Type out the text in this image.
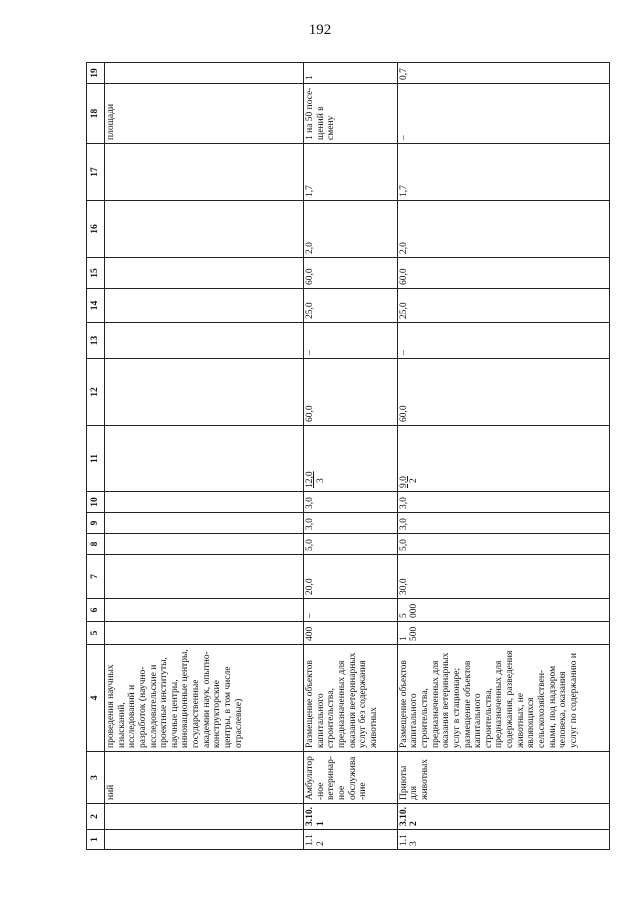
192
1	2	3	4	5	6	7	8	9	10	11	12	13	14	15	16	17	18	19
		ний	проведения научных изысканий, исследований и разработок (научно-исследовательские и проектные институты, научные центры, инновационные центры, государственные академии наук, опытно-конструкторские центры, в том числе отраслевые)														площади	
1.12	3.10.1	Амбулатор-ное ветеринар-ное обслужива-ние	Размещение объектов капитального строительства, предназначенных для оказания ветеринарных услуг без содержания животных	400	–	20,0	5,0	3,0	3,0	12,0 3	60,0	–	25,0	60,0	2,0	1,7	1 на 50 посе-щений в смену	1
1.13	3.10.2	Приюты для животных	Размещение объектов капитального строительства, предназначенных для оказания ветеринарных услуг в стационаре; размещение объектов капитального строительства, предназначенных для содержания, разведения животных, не являющихся сельскохозяйствен-ными, под надзором человека, оказания услуг по содержанию и	1 500	5 000	30,0	5,0	3,0	3,0	9,0 2	60,0	–	25,0	60,0	2,0	1,7	–	0,7
